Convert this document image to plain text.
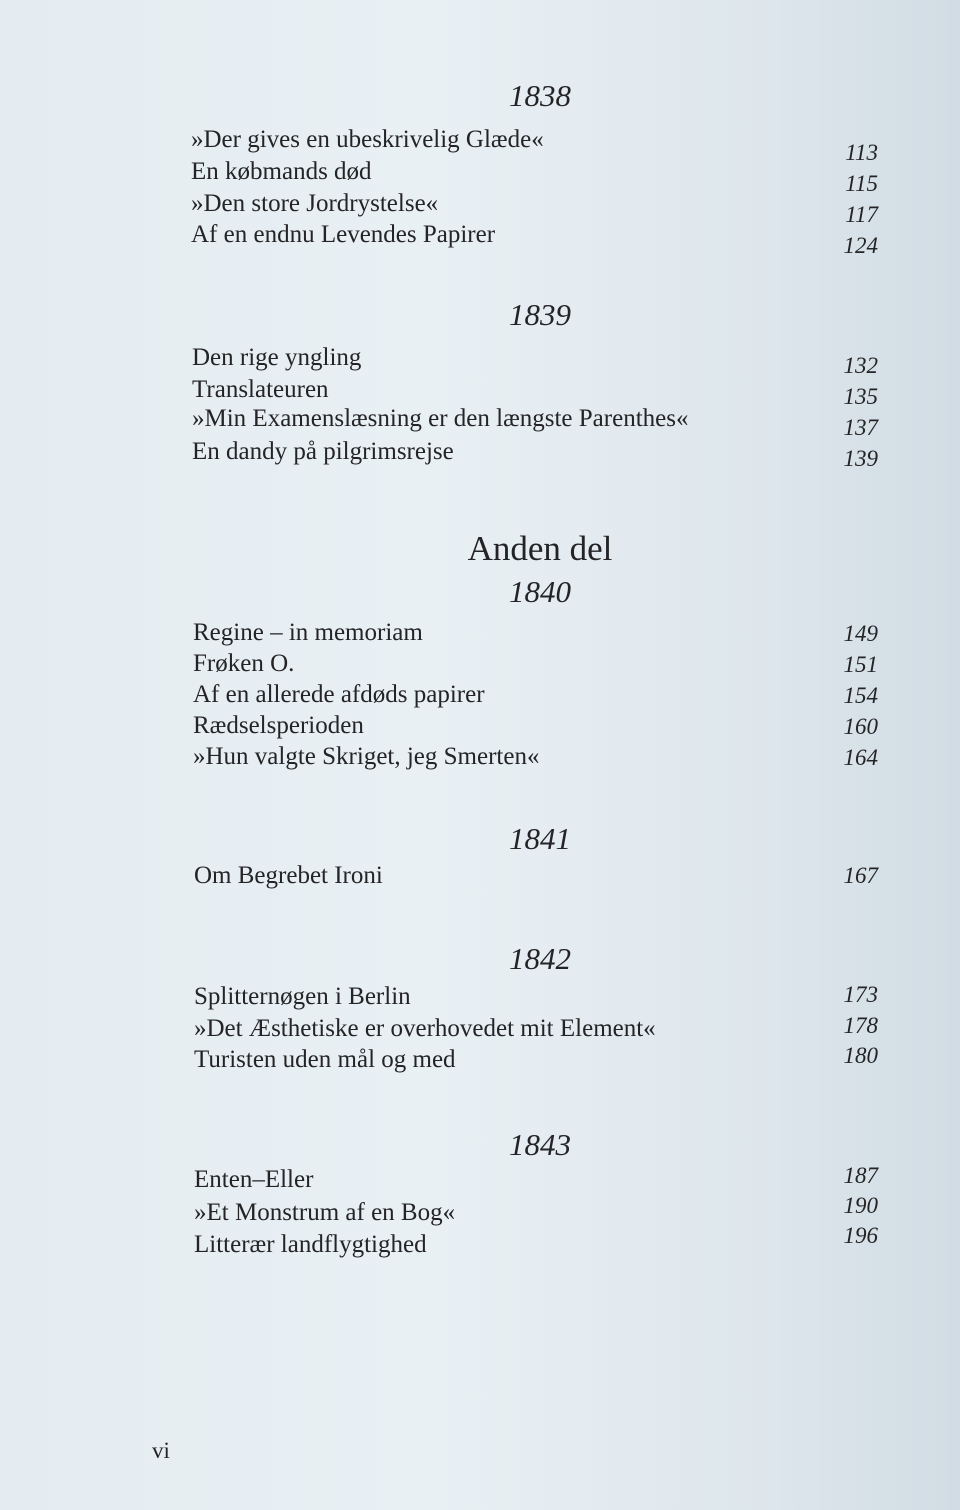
1838
»Der gives en ubeskrivelig Glæde«	113
En købmands død	115
»Den store Jordrystelse«	117
Af en endnu Levendes Papirer	124
1839
Den rige yngling	132
Translateuren	135
»Min Examenslæsning er den længste Parenthes«	137
En dandy på pilgrimsrejse	139
Anden del
1840
Regine – in memoriam	149
Frøken O.	151
Af en allerede afdøds papirer	154
Rædselsperioden	160
»Hun valgte Skriget, jeg Smerten«	164
1841
Om Begrebet Ironi	167
1842
Splitternøgen i Berlin	173
»Det Æsthetiske er overhovedet mit Element«	178
Turisten uden mål og med	180
1843
Enten–Eller	187
»Et Monstrum af en Bog«	190
Litterær landflygtighed	196
vi
